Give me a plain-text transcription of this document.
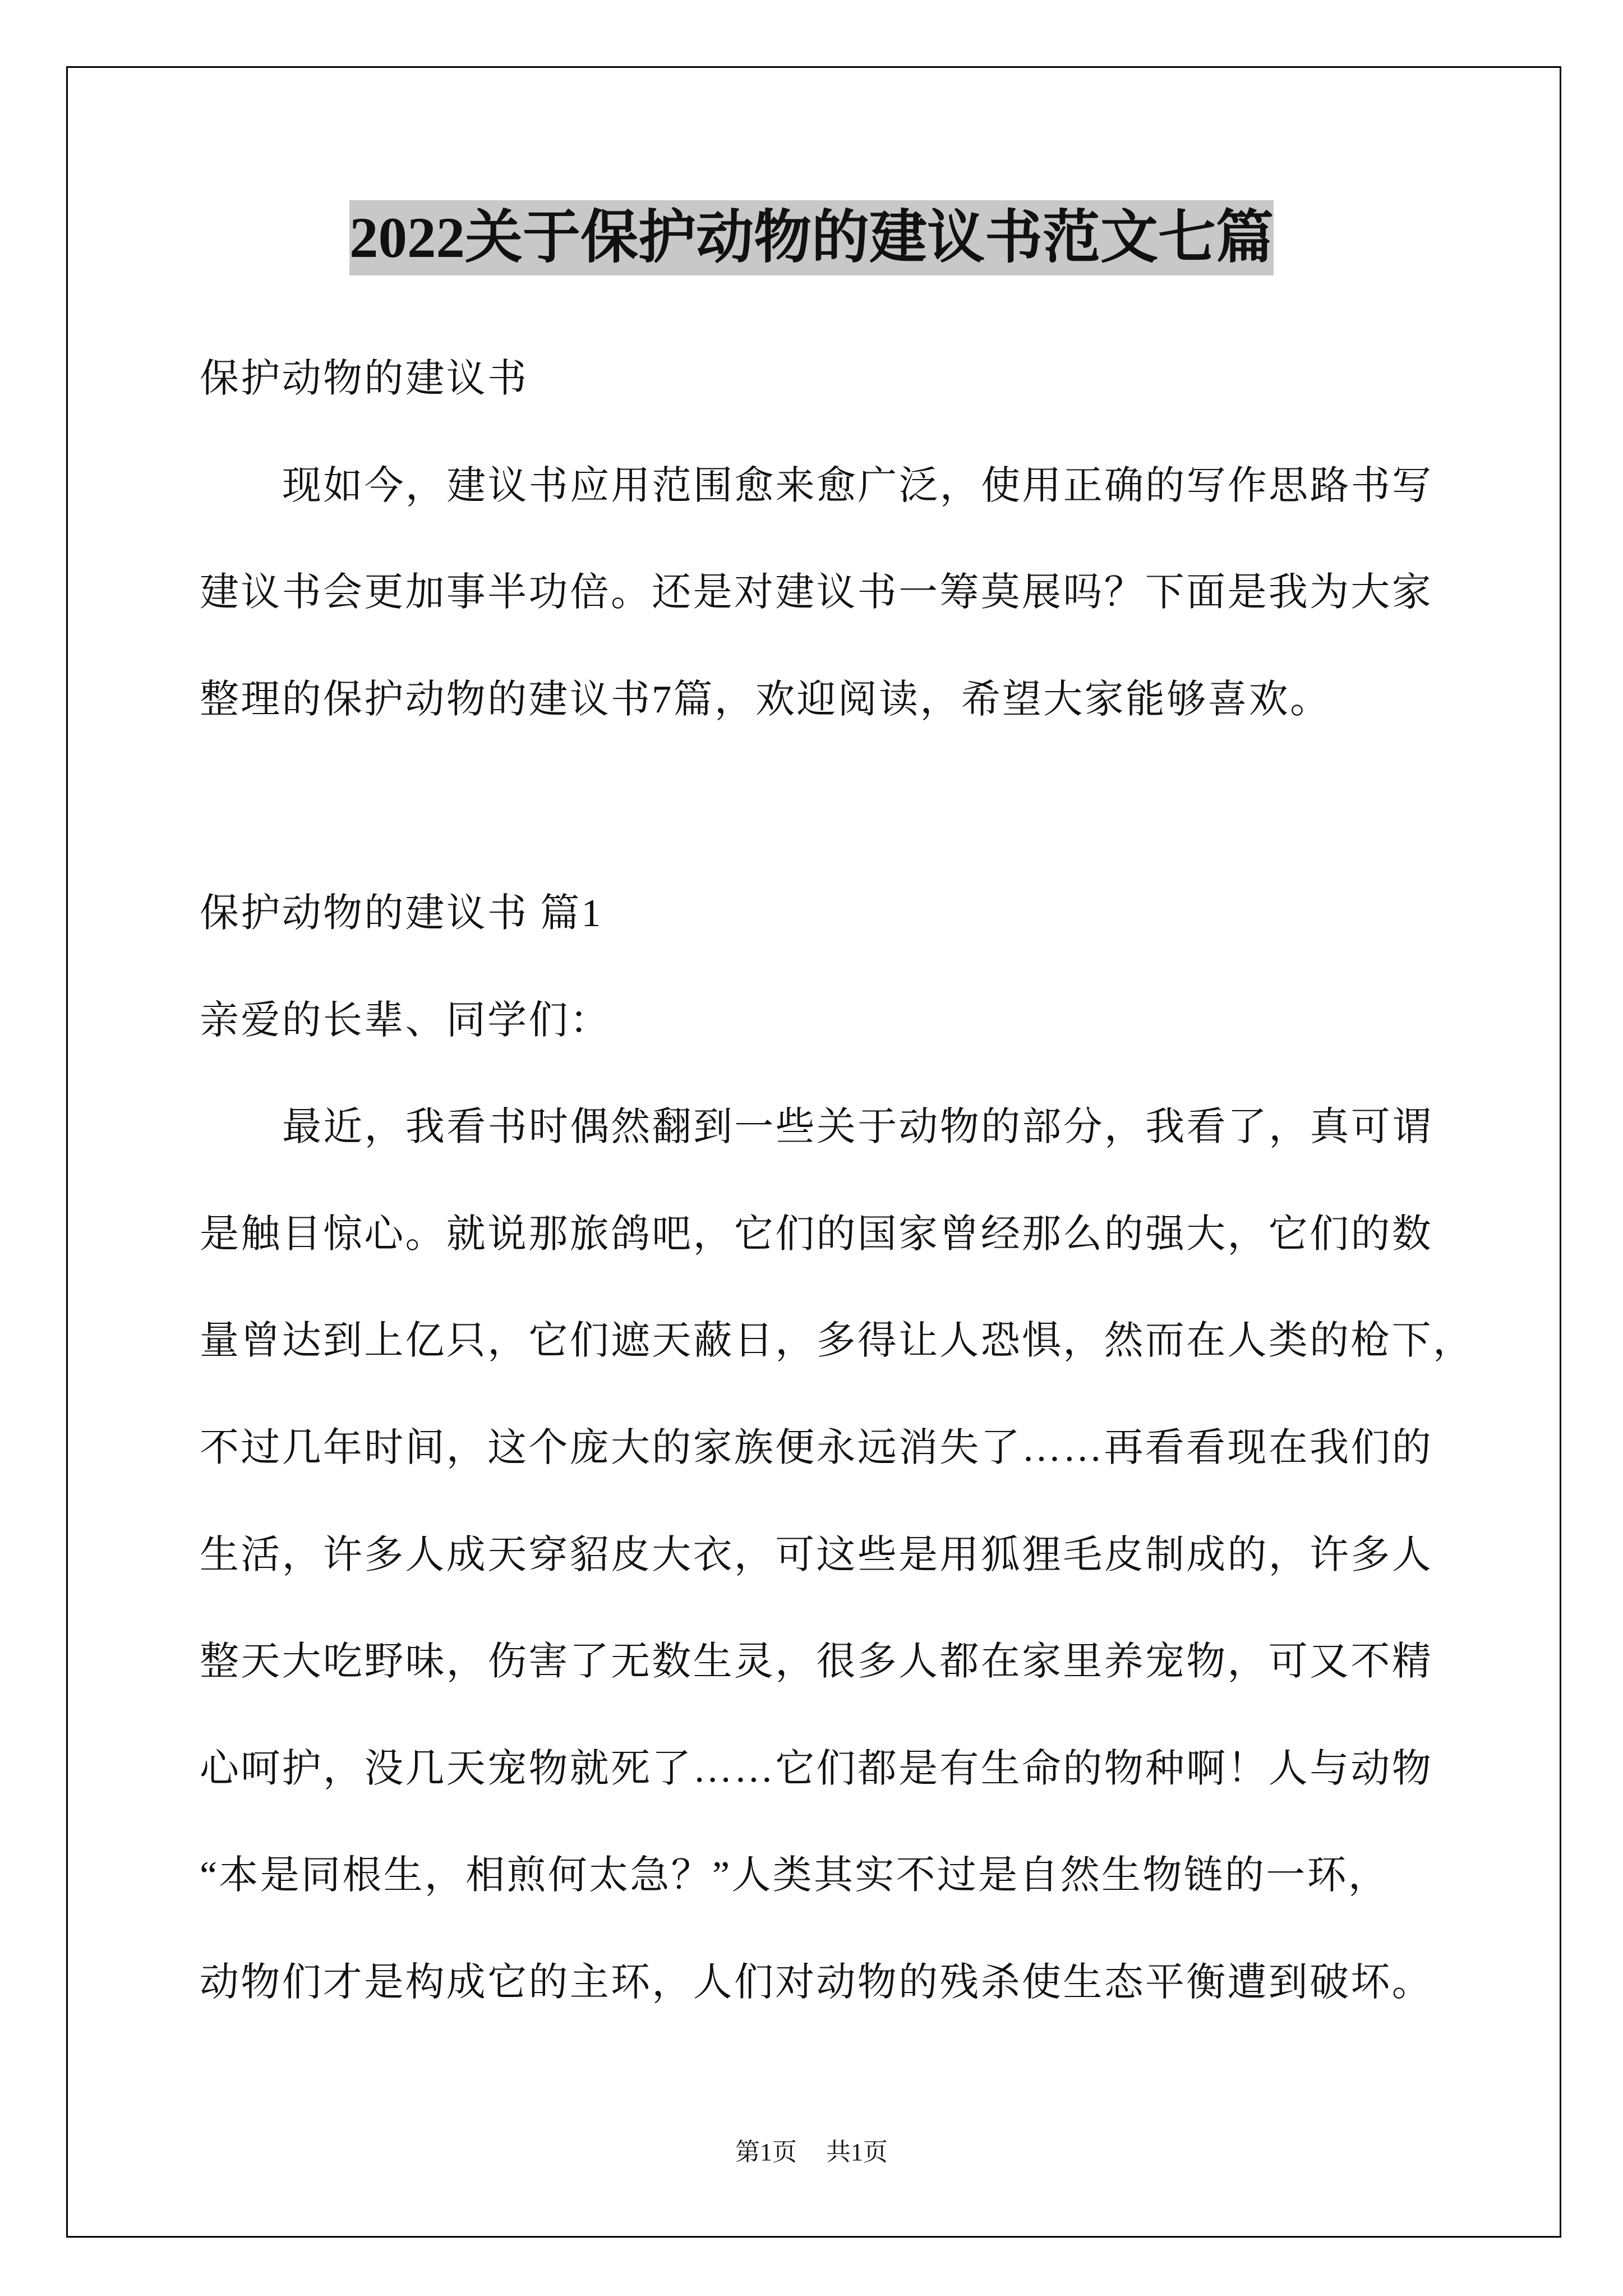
2022关于保护动物的建议书范文七篇
保护动物的建议书
现如今，建议书应用范围愈来愈广泛，使用正确的写作思路书写
建议书会更加事半功倍。还是对建议书一筹莫展吗？下面是我为大家
整理的保护动物的建议书7篇，欢迎阅读，希望大家能够喜欢。
保护动物的建议书 篇1
亲爱的长辈、同学们：
最近，我看书时偶然翻到一些关于动物的部分，我看了，真可谓
是触目惊心。就说那旅鸽吧，它们的国家曾经那么的强大，它们的数
量曾达到上亿只，它们遮天蔽日，多得让人恐惧，然而在人类的枪下，
不过几年时间，这个庞大的家族便永远消失了……再看看现在我们的
生活，许多人成天穿貂皮大衣，可这些是用狐狸毛皮制成的，许多人
整天大吃野味，伤害了无数生灵，很多人都在家里养宠物，可又不精
心呵护，没几天宠物就死了……它们都是有生命的物种啊！人与动物
“本是同根生，相煎何太急？”人类其实不过是自然生物链的一环，
动物们才是构成它的主环，人们对动物的残杀使生态平衡遭到破坏。
第1页 共1页
